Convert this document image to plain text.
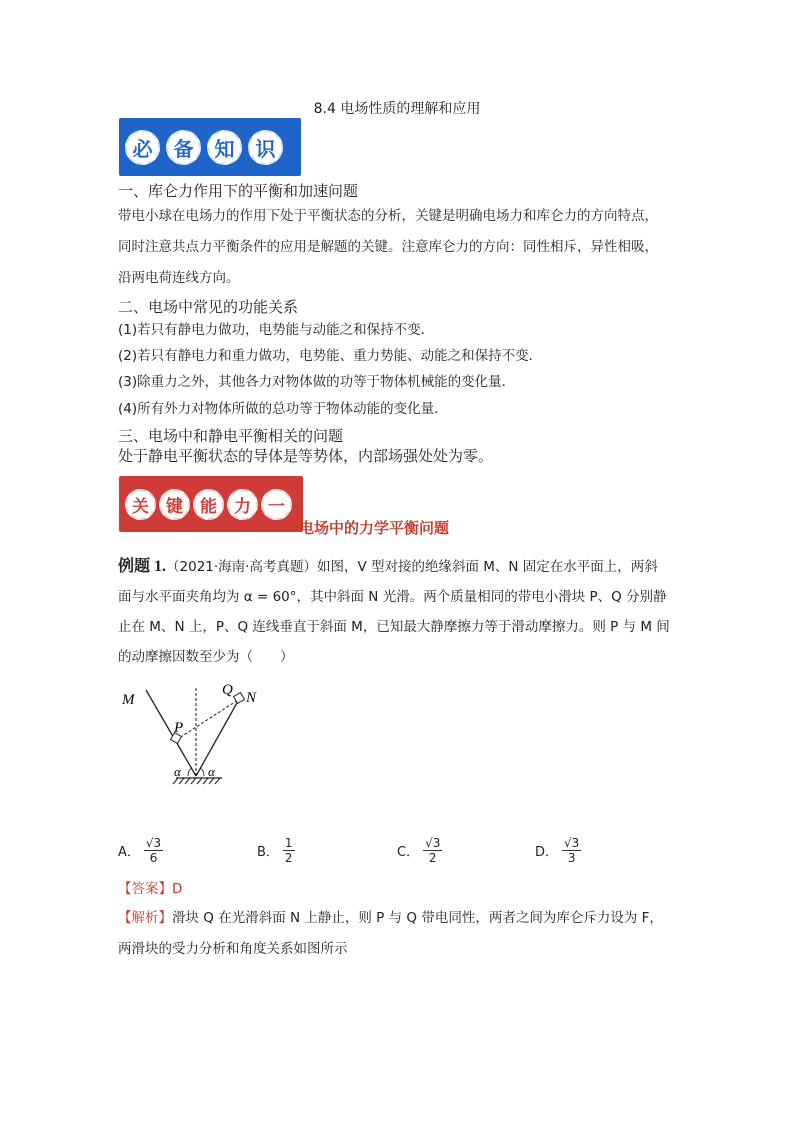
8.4 电场性质的理解和应用
必	备	知	识
一、库仑力作用下的平衡和加速问题
带电小球在电场力的作用下处于平衡状态的分析，关键是明确电场力和库仑力的方向特点，
同时注意共点力平衡条件的应用是解题的关键。注意库仑力的方向：同性相斥，异性相吸，
沿两电荷连线方向。
二、电场中常见的功能关系
(1)若只有静电力做功，电势能与动能之和保持不变．
(2)若只有静电力和重力做功，电势能、重力势能、动能之和保持不变．
(3)除重力之外，其他各力对物体做的功等于物体机械能的变化量．
(4)所有外力对物体所做的总功等于物体动能的变化量．
三、电场中和静电平衡相关的问题
处于静电平衡状态的导体是等势体，内部场强处处为零。
关	键	能	力	一
电场中的力学平衡问题
例题 1.（2021·海南·高考真题）如图，V 型对接的绝缘斜面 M、N 固定在水平面上，两斜
面与水平面夹角均为 α = 60°，其中斜面 N 光滑。两个质量相同的带电小滑块 P、Q 分别静
止在 M、N 上，P、Q 连线垂直于斜面 M，已知最大静摩擦力等于滑动摩擦力。则 P 与 M 间
的动摩擦因数至少为（　　）
M	N
P
Q
α α
A． $\frac{√3}{6}$	B． $\frac{1}{2}$	C． $\frac{√3}{2}$	D． $\frac{√3}{3}$
【答案】D
【解析】滑块 Q 在光滑斜面 N 上静止，则 P 与 Q 带电同性，两者之间为库仑斥力设为 F，
两滑块的受力分析和角度关系如图所示
